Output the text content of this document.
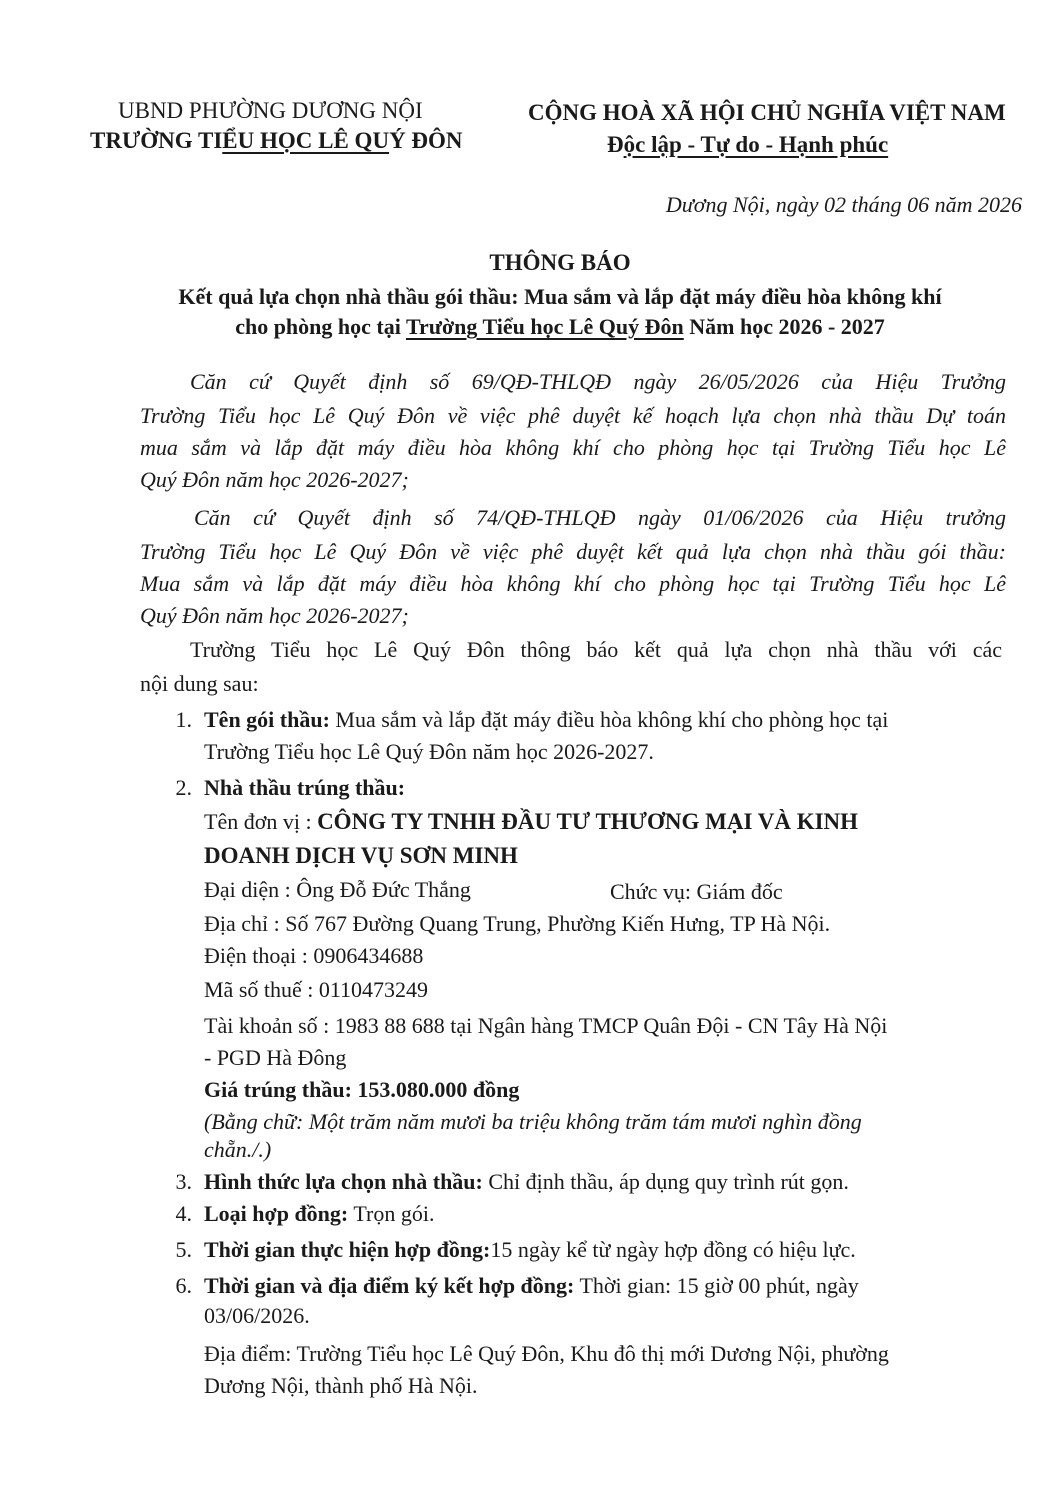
UBND PHƯỜNG DƯƠNG NỘI
TRƯỜNG TIỂU HỌC LÊ QUÝ ĐÔN
CỘNG HOÀ XÃ HỘI CHỦ NGHĨA VIỆT NAM
Độc lập - Tự do - Hạnh phúc
Dương Nội, ngày 02 tháng 06 năm 2026
THÔNG BÁO
Kết quả lựa chọn nhà thầu gói thầu: Mua sắm và lắp đặt máy điều hòa không khí
cho phòng học tại Trường Tiểu học Lê Quý Đôn Năm học 2026 - 2027
Căn cứ Quyết định số 69/QĐ-THLQĐ ngày 26/05/2026 của Hiệu Trưởng
Trường Tiểu học Lê Quý Đôn về việc phê duyệt kế hoạch lựa chọn nhà thầu Dự toán
mua sắm và lắp đặt máy điều hòa không khí cho phòng học tại Trường Tiểu học Lê
Quý Đôn năm học 2026-2027;
Căn cứ Quyết định số 74/QĐ-THLQĐ ngày 01/06/2026 của Hiệu trưởng
Trường Tiểu học Lê Quý Đôn về việc phê duyệt kết quả lựa chọn nhà thầu gói thầu:
Mua sắm và lắp đặt máy điều hòa không khí cho phòng học tại Trường Tiểu học Lê
Quý Đôn năm học 2026-2027;
Trường Tiểu học Lê Quý Đôn thông báo kết quả lựa chọn nhà thầu với các
nội dung sau:
1. Tên gói thầu: Mua sắm và lắp đặt máy điều hòa không khí cho phòng học tại
Trường Tiểu học Lê Quý Đôn năm học 2026-2027.
2. Nhà thầu trúng thầu:
Tên đơn vị : CÔNG TY TNHH ĐẦU TƯ THƯƠNG MẠI VÀ KINH
DOANH DỊCH VỤ SƠN MINH
Đại diện : Ông Đỗ Đức Thắng	Chức vụ: Giám đốc
Địa chỉ : Số 767 Đường Quang Trung, Phường Kiến Hưng, TP Hà Nội.
Điện thoại : 0906434688
Mã số thuế : 0110473249
Tài khoản số : 1983 88 688 tại Ngân hàng TMCP Quân Đội - CN Tây Hà Nội
- PGD Hà Đông
Giá trúng thầu: 153.080.000 đồng
(Bằng chữ: Một trăm năm mươi ba triệu không trăm tám mươi nghìn đồng
chẵn./.)
3. Hình thức lựa chọn nhà thầu: Chỉ định thầu, áp dụng quy trình rút gọn.
4. Loại hợp đồng: Trọn gói.
5. Thời gian thực hiện hợp đồng:15 ngày kể từ ngày hợp đồng có hiệu lực.
6. Thời gian và địa điểm ký kết hợp đồng: Thời gian: 15 giờ 00 phút, ngày
03/06/2026.
Địa điểm: Trường Tiểu học Lê Quý Đôn, Khu đô thị mới Dương Nội, phường
Dương Nội, thành phố Hà Nội.
